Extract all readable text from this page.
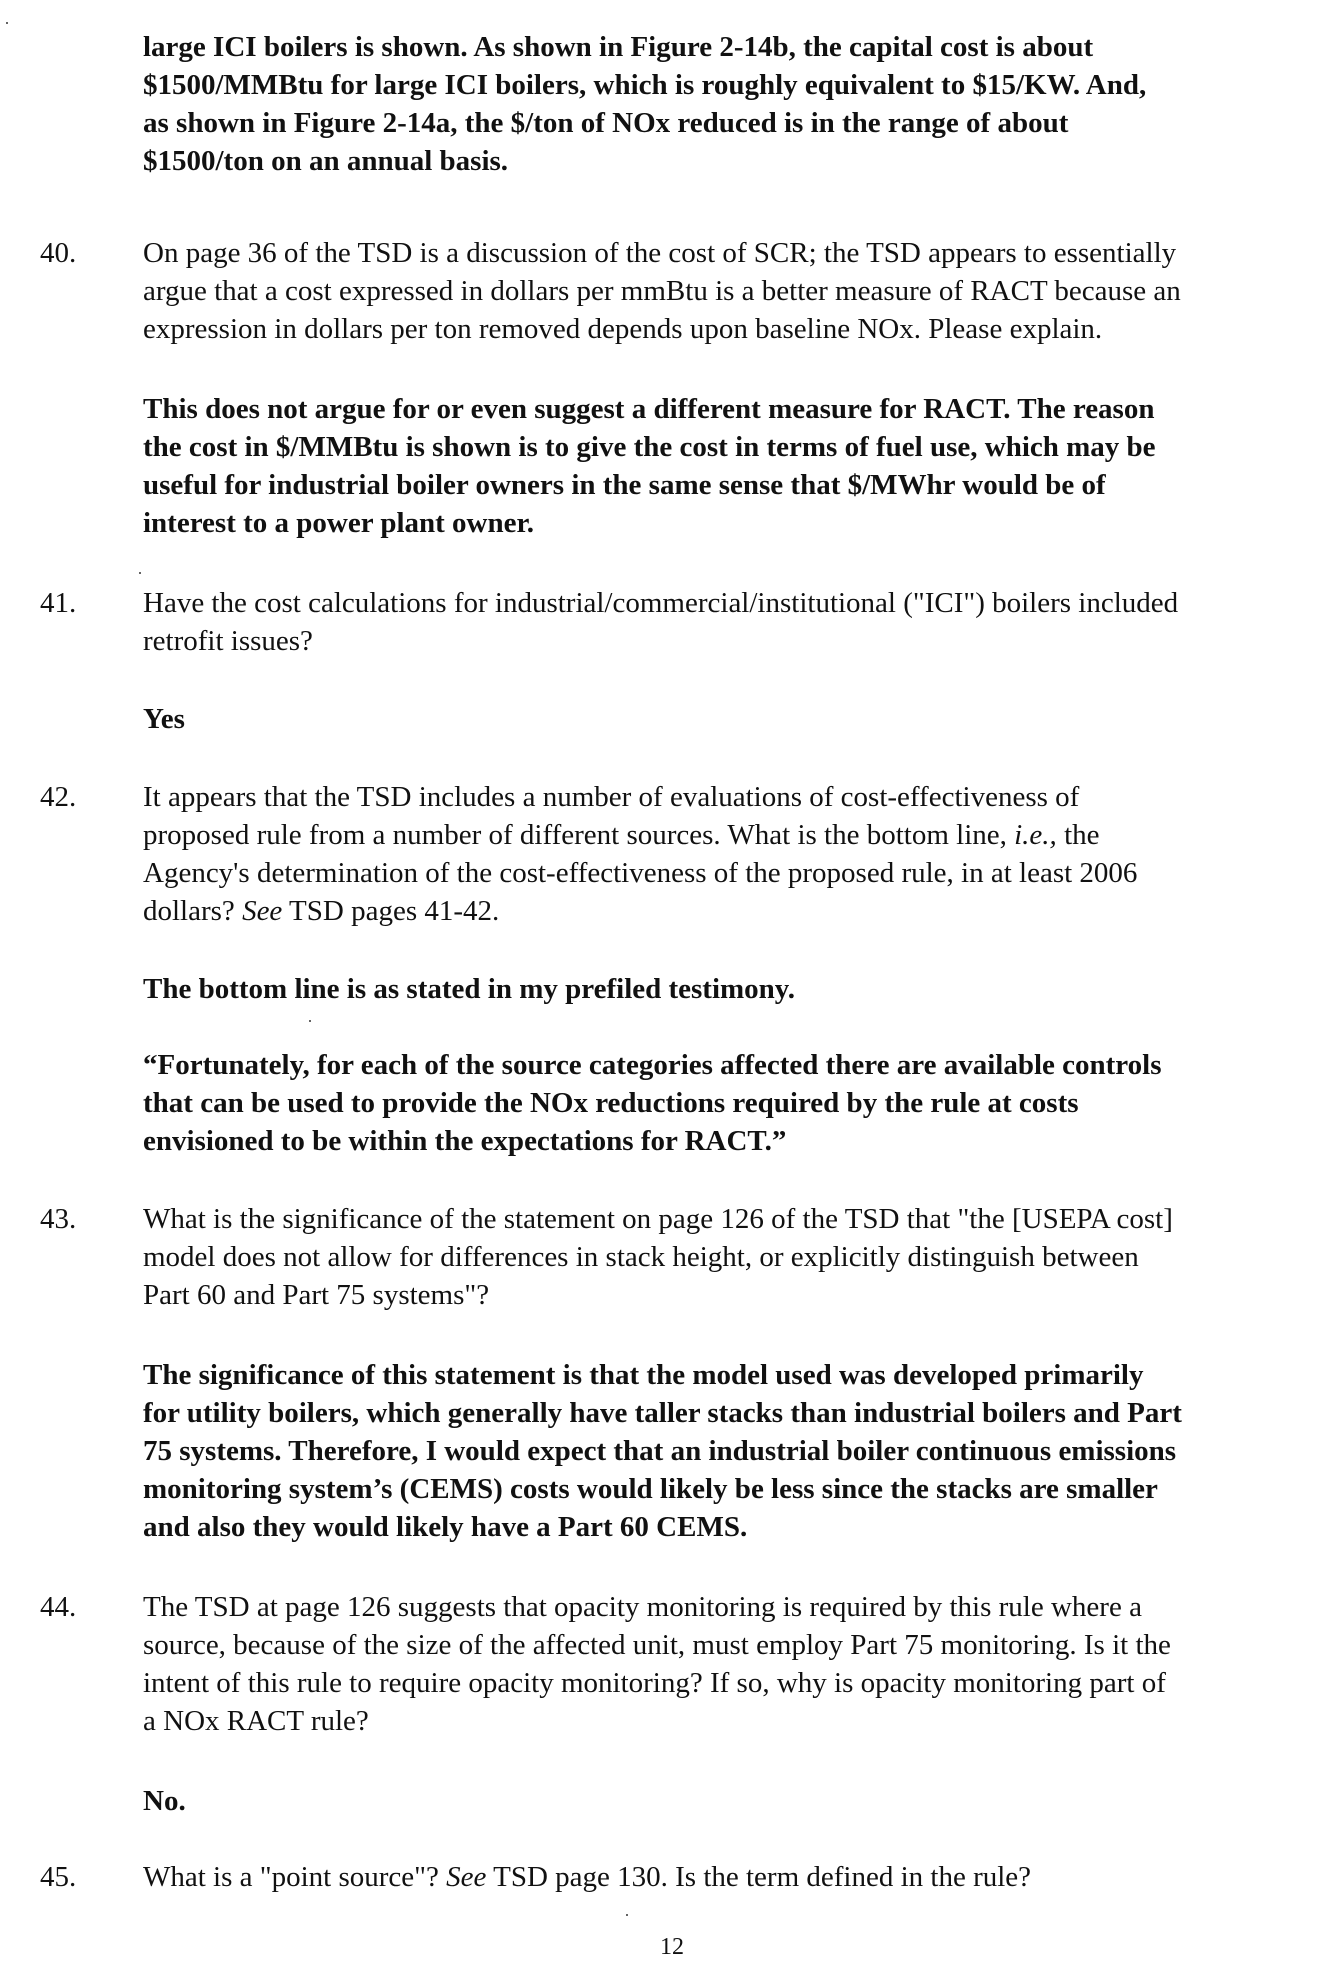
large ICI boilers is shown. As shown in Figure 2-14b, the capital cost is about
$1500/MMBtu for large ICI boilers, which is roughly equivalent to $15/KW. And,
as shown in Figure 2-14a, the $/ton of NOx reduced is in the range of about
$1500/ton on an annual basis.
40. On page 36 of the TSD is a discussion of the cost of SCR; the TSD appears to essentially
argue that a cost expressed in dollars per mmBtu is a better measure of RACT because an
expression in dollars per ton removed depends upon baseline NOx. Please explain.
This does not argue for or even suggest a different measure for RACT. The reason
the cost in $/MMBtu is shown is to give the cost in terms of fuel use, which may be
useful for industrial boiler owners in the same sense that $/MWhr would be of
interest to a power plant owner.
41. Have the cost calculations for industrial/commercial/institutional ("ICI") boilers included
retrofit issues?
Yes
42. It appears that the TSD includes a number of evaluations of cost-effectiveness of
proposed rule from a number of different sources. What is the bottom line, i.e., the
Agency's determination of the cost-effectiveness of the proposed rule, in at least 2006
dollars? See TSD pages 41-42.
The bottom line is as stated in my prefiled testimony.
“Fortunately, for each of the source categories affected there are available controls
that can be used to provide the NOx reductions required by the rule at costs
envisioned to be within the expectations for RACT.”
43. What is the significance of the statement on page 126 of the TSD that "the [USEPA cost]
model does not allow for differences in stack height, or explicitly distinguish between
Part 60 and Part 75 systems"?
The significance of this statement is that the model used was developed primarily
for utility boilers, which generally have taller stacks than industrial boilers and Part
75 systems. Therefore, I would expect that an industrial boiler continuous emissions
monitoring system’s (CEMS) costs would likely be less since the stacks are smaller
and also they would likely have a Part 60 CEMS.
44. The TSD at page 126 suggests that opacity monitoring is required by this rule where a
source, because of the size of the affected unit, must employ Part 75 monitoring. Is it the
intent of this rule to require opacity monitoring? If so, why is opacity monitoring part of
a NOx RACT rule?
No.
45. What is a "point source"? See TSD page 130. Is the term defined in the rule?
12
